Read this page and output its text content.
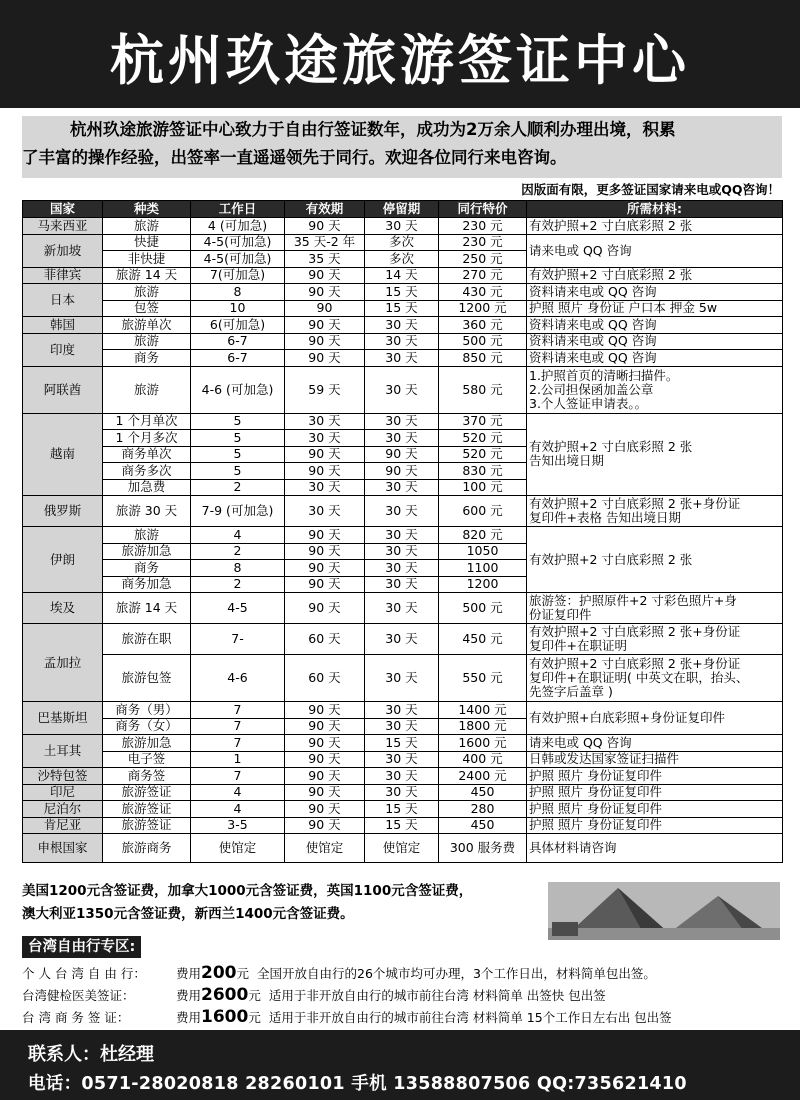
杭州玖途旅游签证中心
杭州玖途旅游签证中心致力于自由行签证数年，成功为2万余人顺利办理出境，积累
了丰富的操作经验，出签率一直遥遥领先于同行。欢迎各位同行来电咨询。
因版面有限，更多签证国家请来电或QQ咨询！
国家	种类	工作日	有效期	停留期	同行特价	所需材料:
马来西亚	旅游	4 (可加急)	90 天	30 天	230 元	有效护照+2 寸白底彩照 2 张
新加坡	快捷	4-5(可加急)	35 天-2 年	多次	230 元	请来电或 QQ 咨询
	非快捷	4-5(可加急)	35 天	多次	250 元	
菲律宾	旅游 14 天	7(可加急)	90 天	14 天	270 元	有效护照+2 寸白底彩照 2 张
日本	旅游	8	90 天	15 天	430 元	资料请来电或 QQ 咨询
	包签	10	90	15 天	1200 元	护照 照片 身份证 户口本 押金 5w
韩国	旅游单次	6(可加急)	90 天	30 天	360 元	资料请来电或 QQ 咨询
印度	旅游	6-7	90 天	30 天	500 元	资料请来电或 QQ 咨询
	商务	6-7	90 天	30 天	850 元	资料请来电或 QQ 咨询
阿联酋	旅游	4-6 (可加急)	59 天	30 天	580 元	1.护照首页的清晰扫描件。
2.公司担保函加盖公章
3.个人签证申请表。。

越南	1 个月单次	5	30 天	30 天	370 元	有效护照+2 寸白底彩照 2 张
告知出境日期

	1 个月多次	5	30 天	30 天	520 元	
	商务单次	5	90 天	90 天	520 元	
	商务多次	5	90 天	90 天	830 元	
	加急费	2	30 天	30 天	100 元	
俄罗斯	旅游 30 天	7-9 (可加急)	30 天	30 天	600 元	有效护照+2 寸白底彩照 2 张+身份证
复印件+表格 告知出境日期

伊朗	旅游	4	90 天	30 天	820 元	有效护照+2 寸白底彩照 2 张
	旅游加急	2	90 天	30 天	1050	
	商务	8	90 天	30 天	1100	
	商务加急	2	90 天	30 天	1200	
埃及	旅游 14 天	4-5	90 天	30 天	500 元	旅游签：护照原件+2 寸彩色照片+身
份证复印件

孟加拉	旅游在职	7-	60 天	30 天	450 元	有效护照+2 寸白底彩照 2 张+身份证
复印件+在职证明

	旅游包签	4-6	60 天	30 天	550 元	有效护照+2 寸白底彩照 2 张+身份证
复印件+在职证明( 中英文在职，抬头、
先签字后盖章 )

巴基斯坦	商务（男）	7	90 天	30 天	1400 元	有效护照+白底彩照+身份证复印件
	商务（女）	7	90 天	30 天	1800 元	
土耳其	旅游加急	7	90 天	15 天	1600 元	请来电或 QQ 咨询
	电子签	1	90 天	30 天	400 元	日韩或发达国家签证扫描件
沙特包签	商务签	7	90 天	30 天	2400 元	护照 照片 身份证复印件
印尼	旅游签证	4	90 天	30 天	450	护照 照片 身份证复印件
尼泊尔	旅游签证	4	90 天	15 天	280	护照 照片 身份证复印件
肯尼亚	旅游签证	3-5	90 天	15 天	450	护照 照片 身份证复印件
申根国家	旅游商务	使馆定	使馆定	使馆定	300 服务费	具体材料请咨询
美国1200元含签证费，加拿大1000元含签证费，英国1100元含签证费，
澳大利亚1350元含签证费，新西兰1400元含签证费。
台湾自由行专区:
个 人 台 湾 自 由 行： 费用200元 全国开放自由行的26个城市均可办理，3个工作日出，材料简单包出签。
台湾健检医美签证：	费用2600元 适用于非开放自由行的城市前往台湾 材料简单 出签快 包出签
台 湾 商 务 签 证：	费用1600元 适用于非开放自由行的城市前往台湾 材料简单 15个工作日左右出 包出签
联系人：杜经理
电话：0571-28020818 28260101 手机 13588807506 QQ:735621410
